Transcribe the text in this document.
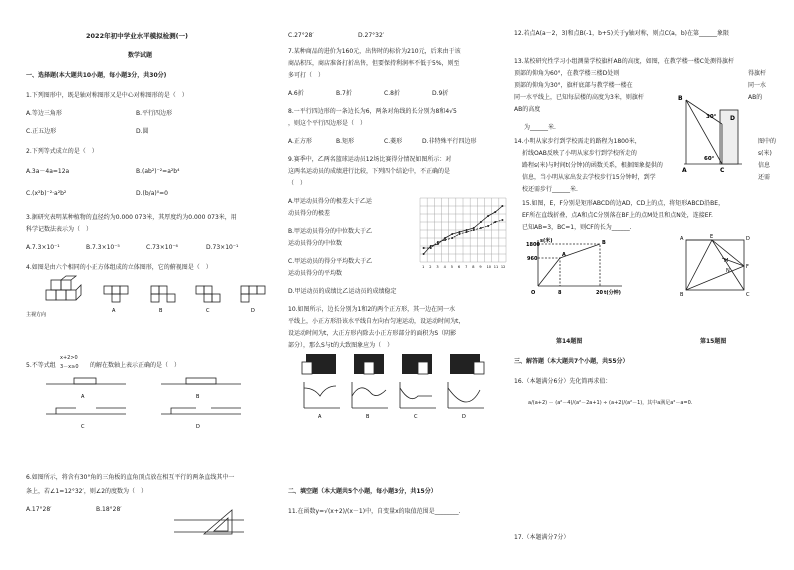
2022年初中学业水平模拟检测(一)
数学试题
一、选择题(本大题共10小题，每小题3分，共30分)
1.下列图形中，既是轴对称图形又是中心对称图形的是（　）
A.等边三角形	B.平行四边形
C.正五边形	D.圆
2.下列等式成立的是（　）
A.3a－4a=12a	B.(ab²)⁻²=a²b⁴
C.(x²b)⁻²·a²b²	D.(b/a)⁰=0
3.据研究表明某种植物的直径约为0.000 073米，其厚度约为0.000 073米，用
科学记数法表示为（　）
A.7.3×10⁻¹	B.7.3×10⁻⁵	C.73×10⁻⁶	D.73×10⁻¹
4.如图是由六个相同的小正方体组成的立体图形，它的俯视图是（　）
主视方向
A	B	C	D
5.不等式组
x+2>0
3－x≥0 的解在数轴上表示正确的是（　）
A	B
C	D
6.如图所示，将含有30°角的三角板的直角顶点放在相互平行的两条直线其中一
条上，若∠1=12°32′，则∠2的度数为（　）
A.17°28′	B.18°28′
C.27°28′	D.27°32′
7.某种商品的进价为160元，出售时的标价为210元，后来由于该
商品积压，商店准备打折出售，但要保持利润率不低于5%，则至
多可打（　）
A.6折	B.7折	C.8折	D.9折
8.一平行四边形的一条边长为6，两条对角线的长分别为8和4√5
，则这个平行四边形是（　）
A.正方形	B.矩形	C.菱形	D.非特殊平行四边形
9.赛季中，乙两名篮球运动员12场比赛得分情况如图所示：对
这两名运动员的成绩进行比较，下列四个结论中，不正确的是
（　）
A.甲运动员得分的极差大于乙运
动员得分的极差
B.甲运动员得分的中位数大于乙
运动员得分的中位数
C.甲运动员的得分平均数大于乙
运动员得分的平均数
D.甲运动员的成绩比乙运动员的成绩稳定
1 2 3 4 5 6 7 8 9 10 11 12
10.如图所示，边长分别为1和2的两个正方形，其一边在同一水
平线上，小正方形沿该水平线自左向右匀速运动，设运动时间为t，
设运动时间为t，大正方形内除去小正方形部分的面积为S（阴影
部分），那么S与t的大致图象应为（　）
A	B	C	D
二、填空题（本大题共5个小题，每小题3分，共15分）
11.在函数y=√(x+2)/(x－1)中，自变量x的取值范围是________.
12.若点A(a－2，3)和点B(-1，b+5)关于y轴对称，则点C(a，b)在第______象限
13.某校研究性学习小组测量学校旗杆AB的高度，如图，在教学楼一楼C处测得旗杆
顶部的仰角为60°，在教学楼三楼D处则
顶部的仰角为30°，旗杆底部与教学楼一楼在
同一水平线上，已知每层楼的高度为3米，则旗杆
AB的高度
为______米.
得旗杆
同一水
AB的
B
30° D
60°
A	C
14.小明从家步行到学校需走的路程为1800米，
折线OAB反映了小明从家步行到学校所走的
路程s(米)与时间t(分钟)的函数关系，根据图象提供的
信息，当小明从家出发去学校步行15分钟时，到学
校还需步行______米.
图中的
s(米)
信息
还需
15.如图，E，F分别是矩形ABCD的边AD，CD上的点，将矩形ABCD沿BE，
EF所在直线折叠，点A和点C分别落在BF上的点M处且和点N处，连接EF.
已知AB=3，BC=1，则CF的长为______.
s(米)
1800
960
8	20 t(分钟)
O
A
B
A	E	D
F
M
N
B	C
第14题图	第15题图
三、解答题（本大题共7个小题，共55分）
16.（本题满分6分）先化简再求值：
a/(a+2) － (a²－4)/(a²－2a+1) ÷ (a+2)/(a²－1)，其中a满足a²－a=0.
17.（本题满分7分）
